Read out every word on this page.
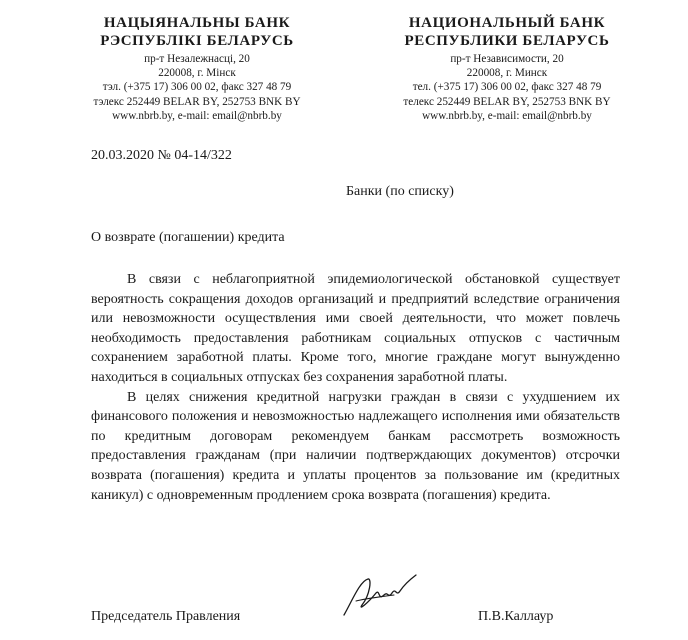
НАЦЫЯНАЛЬНЫ БАНК
РЭСПУБЛІКІ БЕЛАРУСЬ
пр-т Незалежнасці, 20
220008, г. Мінск
тэл. (+375 17) 306 00 02, факс 327 48 79
тэлекс 252449 BELAR BY, 252753 BNK BY
www.nbrb.by, e-mail: email@nbrb.by
НАЦИОНАЛЬНЫЙ БАНК
РЕСПУБЛИКИ БЕЛАРУСЬ
пр-т Независимости, 20
220008, г. Минск
тел. (+375 17) 306 00 02, факс 327 48 79
телекс 252449 BELAR BY, 252753 BNK BY
www.nbrb.by, e-mail: email@nbrb.by
20.03.2020 № 04-14/322
Банки (по списку)
О возврате (погашении) кредита

В связи с неблагоприятной эпидемиологической обстановкой существует вероятность сокращения доходов организаций и предприятий вследствие ограничения или невозможности осуществления ими своей деятельности, что может повлечь необходимость предоставления работникам социальных отпусков с частичным сохранением заработной платы. Кроме того, многие граждане могут вынужденно находиться в социальных отпусках без сохранения заработной платы.

В целях снижения кредитной нагрузки граждан в связи с ухудшением их финансового положения и невозможностью надлежащего исполнения ими обязательств по кредитным договорам рекомендуем банкам рассмотреть возможность предоставления гражданам (при наличии подтверждающих документов) отсрочки возврата (погашения) кредита и уплаты процентов за пользование им (кредитных каникул) с одновременным продлением срока возврата (погашения) кредита.

Председатель Правления	П.В.Каллаур
